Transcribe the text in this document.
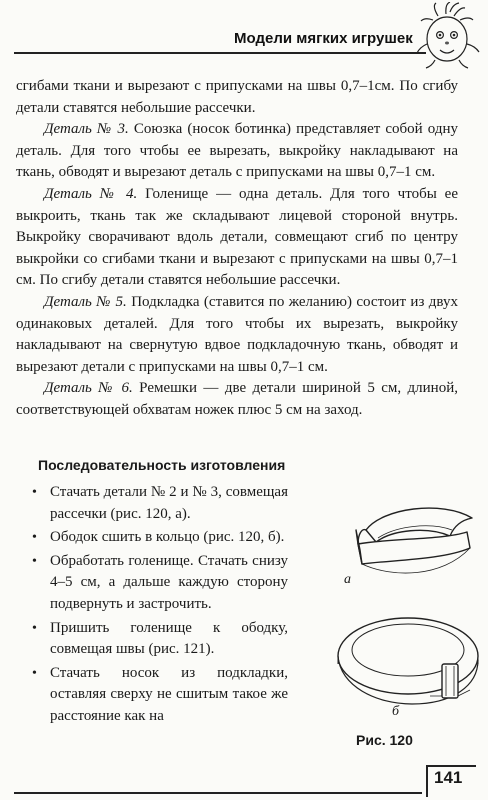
Модели мягких игрушек

сгибами ткани и вырезают с припусками на швы 0,7–1см. По сгибу детали ставятся небольшие рассечки.

Деталь № 3. Союзка (носок ботинка) представляет собой одну деталь. Для того чтобы ее вырезать, выкройку накладывают на ткань, обводят и вырезают деталь с припусками на швы 0,7–1 см.

Деталь № 4. Голенище — одна деталь. Для того чтобы ее выкроить, ткань так же складывают лицевой стороной внутрь. Выкройку сворачивают вдоль детали, совмещают сгиб по центру выкройки со сгибами ткани и вырезают с припусками на швы 0,7–1 см. По сгибу детали ставятся небольшие рассечки.

Деталь № 5. Подкладка (ставится по желанию) состоит из двух одинаковых деталей. Для того чтобы их вырезать, выкройку накладывают на свернутую вдвое подкладочную ткань, обводят и вырезают детали с припусками на швы 0,7–1 см.

Деталь № 6. Ремешки — две детали шириной 5 см, длиной, соответствующей обхватам ножек плюс 5 см на заход.

Последовательность изготовления
• Стачать детали № 2 и № 3, совмещая рассечки (рис. 120, а).
• Ободок сшить в кольцо (рис. 120, б).
• Обработать голенище. Стачать снизу 4–5 см, а дальше каждую сторону подвернуть и застрочить.
• Пришить голенище к ободку, совмещая швы (рис. 121).
• Стачать носок из подкладки, оставляя сверху не сшитым такое же расстояние как на
а
б
Рис. 120
141
